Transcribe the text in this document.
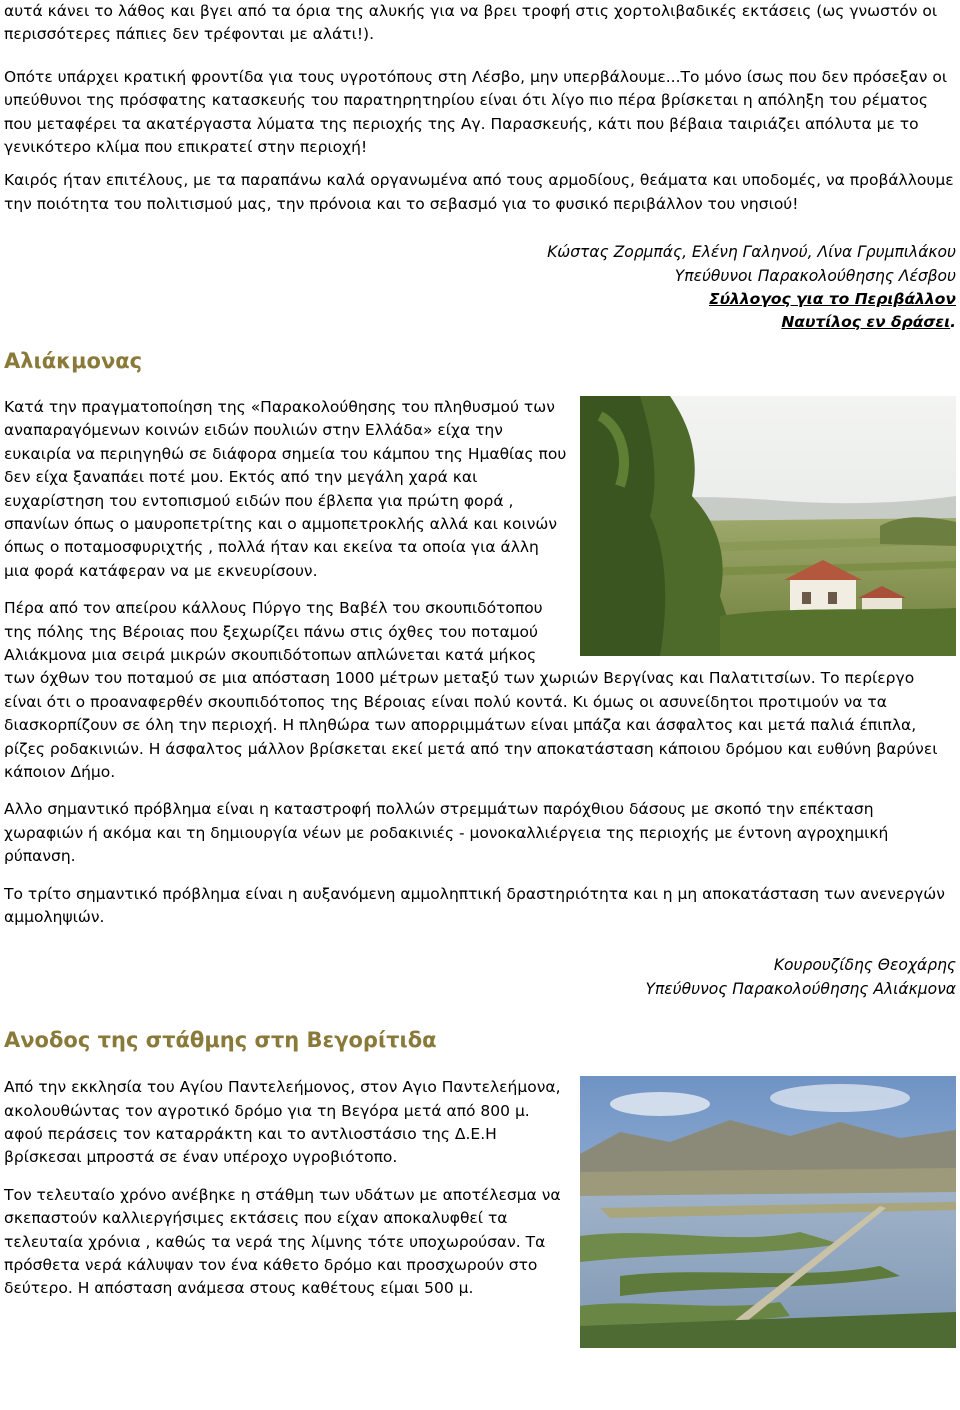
αυτά κάνει το λάθος και βγει από τα όρια της αλυκής για να βρει τροφή στις χορτολιβαδικές εκτάσεις (ως γνωστόν οι περισσότερες πάπιες δεν τρέφονται με αλάτι!).

Οπότε υπάρχει κρατική φροντίδα για τους υγροτόπους στη Λέσβο, μην υπερβάλουμε...Το μόνο ίσως που δεν πρόσεξαν οι υπεύθυνοι της πρόσφατης κατασκευής του παρατηρητηρίου είναι ότι λίγο πιο πέρα βρίσκεται η απόληξη του ρέματος που μεταφέρει τα ακατέργαστα λύματα της περιοχής της Αγ. Παρασκευής, κάτι που βέβαια ταιριάζει απόλυτα με το γενικότερο κλίμα που επικρατεί στην περιοχή!

Καιρός ήταν επιτέλους, με τα παραπάνω καλά οργανωμένα από τους αρμοδίους, θεάματα και υποδομές, να προβάλλουμε την ποιότητα του πολιτισμού μας, την πρόνοια και το σεβασμό για το φυσικό περιβάλλον του νησιού!

Κώστας Ζορμπάς, Ελένη Γαληνού, Λίνα Γρυμπιλάκου
Υπεύθυνοι Παρακολούθησης Λέσβου
Σύλλογος για το Περιβάλλον
Ναυτίλος εν δράσει.
Αλιάκμονας

Κατά την πραγματοποίηση της «Παρακολούθησης του πληθυσμού των αναπαραγόμενων κοινών ειδών πουλιών στην Ελλάδα» είχα την ευκαιρία να περιηγηθώ σε διάφορα σημεία του κάμπου της Ημαθίας που δεν είχα ξαναπάει ποτέ μου. Εκτός από την μεγάλη χαρά και ευχαρίστηση του εντοπισμού ειδών που έβλεπα για πρώτη φορά , σπανίων όπως ο μαυροπετρίτης και ο αμμοπετροκλής αλλά και κοινών όπως ο ποταμοσφυριχτής , πολλά ήταν και εκείνα τα οποία για άλλη μια φορά κατάφεραν να με εκνευρίσουν.

Πέρα από τον απείρου κάλλους Πύργο της Βαβέλ του σκουπιδότοπου της πόλης της Βέροιας που ξεχωρίζει πάνω στις όχθες του ποταμού Αλιάκμονα μια σειρά μικρών σκουπιδότοπων απλώνεται κατά μήκος των όχθων του ποταμού σε μια απόσταση 1000 μέτρων μεταξύ των χωριών Βεργίνας και Παλατιτσίων. Το περίεργο είναι ότι ο προαναφερθέν σκουπιδότοπος της Βέροιας είναι πολύ κοντά. Κι όμως οι ασυνείδητοι προτιμούν να τα διασκορπίζουν σε όλη την περιοχή. Η πληθώρα των απορριμμάτων είναι μπάζα και άσφαλτος και μετά παλιά έπιπλα, ρίζες ροδακινιών. Η άσφαλτος μάλλον βρίσκεται εκεί μετά από την αποκατάσταση κάποιου δρόμου και ευθύνη βαρύνει κάποιον Δήμο.

Αλλο σημαντικό πρόβλημα είναι η καταστροφή πολλών στρεμμάτων παρόχθιου δάσους με σκοπό την επέκταση χωραφιών ή ακόμα και τη δημιουργία νέων με ροδακινιές - μονοκαλλιέργεια της περιοχής με έντονη αγροχημική ρύπανση.

Το τρίτο σημαντικό πρόβλημα είναι η αυξανόμενη αμμοληπτική δραστηριότητα και η μη αποκατάσταση των ανενεργών αμμοληψιών.

Κουρουζίδης Θεοχάρης
Υπεύθυνος Παρακολούθησης Αλιάκμονα
Ανοδος της στάθμης στη Βεγορίτιδα

Από την εκκλησία του Αγίου Παντελεήμονος, στον Αγιο Παντελεήμονα, ακολουθώντας τον αγροτικό δρόμο για τη Βεγόρα μετά από 800 μ. αφού περάσεις τον καταρράκτη και το αντλιοστάσιο της Δ.Ε.Η βρίσκεσαι μπροστά σε έναν υπέροχο υγροβιότοπο.

Τον τελευταίο χρόνο ανέβηκε η στάθμη των υδάτων με αποτέλεσμα να σκεπαστούν καλλιεργήσιμες εκτάσεις που είχαν αποκαλυφθεί τα τελευταία χρόνια , καθώς τα νερά της λίμνης τότε υποχωρούσαν. Τα πρόσθετα νερά κάλυψαν τον ένα κάθετο δρόμο και προσχωρούν στο δεύτερο. Η απόσταση ανάμεσα στους καθέτους είμαι 500 μ.
